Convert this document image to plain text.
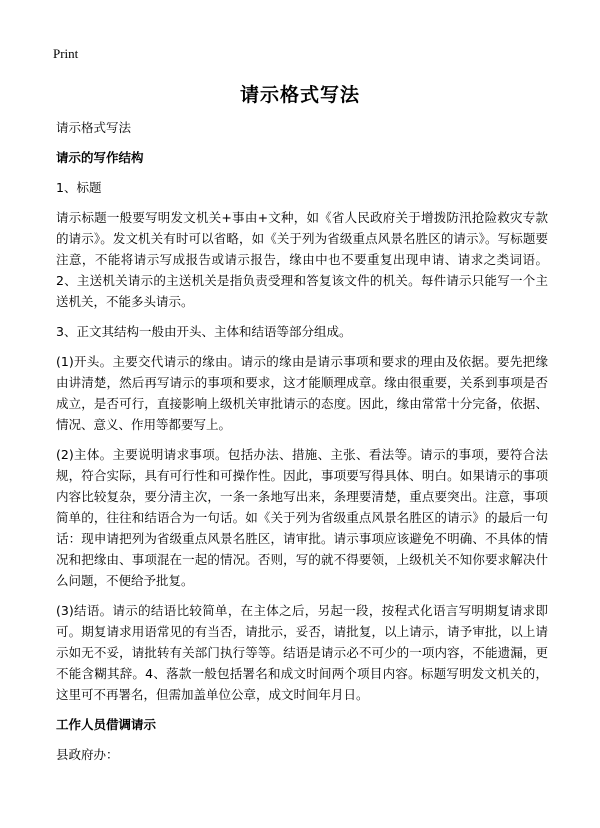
Print
请示格式写法

请示格式写法

请示的写作结构

1、标题

请示标题一般要写明发文机关+事由+文种，如《省人民政府关于增拨防汛抢险救灾专款的请示》。发文机关有时可以省略，如《关于列为省级重点风景名胜区的请示》。写标题要注意，不能将请示写成报告或请示报告，缘由中也不要重复出现申请、请求之类词语。 2、主送机关请示的主送机关是指负责受理和答复该文件的机关。每件请示只能写一个主送机关，不能多头请示。

3、正文其结构一般由开头、主体和结语等部分组成。

(1)开头。主要交代请示的缘由。请示的缘由是请示事项和要求的理由及依据。要先把缘由讲清楚，然后再写请示的事项和要求，这才能顺理成章。缘由很重要，关系到事项是否成立，是否可行，直接影响上级机关审批请示的态度。因此，缘由常常十分完备，依据、情况、意义、作用等都要写上。

(2)主体。主要说明请求事项。包括办法、措施、主张、看法等。请示的事项，要符合法规，符合实际，具有可行性和可操作性。因此，事项要写得具体、明白。如果请示的事项内容比较复杂，要分清主次，一条一条地写出来，条理要清楚，重点要突出。注意，事项简单的，往往和结语合为一句话。如《关于列为省级重点风景名胜区的请示》的最后一句话：现申请把列为省级重点风景名胜区，请审批。请示事项应该避免不明确、不具体的情况和把缘由、事项混在一起的情况。否则，写的就不得要领，上级机关不知你要求解决什么问题，不便给予批复。

(3)结语。请示的结语比较简单，在主体之后，另起一段，按程式化语言写明期复请求即可。期复请求用语常见的有当否，请批示，妥否，请批复，以上请示，请予审批，以上请示如无不妥，请批转有关部门执行等等。结语是请示必不可少的一项内容，不能遗漏，更不能含糊其辞。4、落款一般包括署名和成文时间两个项目内容。标题写明发文机关的，这里可不再署名，但需加盖单位公章，成文时间年月日。

工作人员借调请示

县政府办：
